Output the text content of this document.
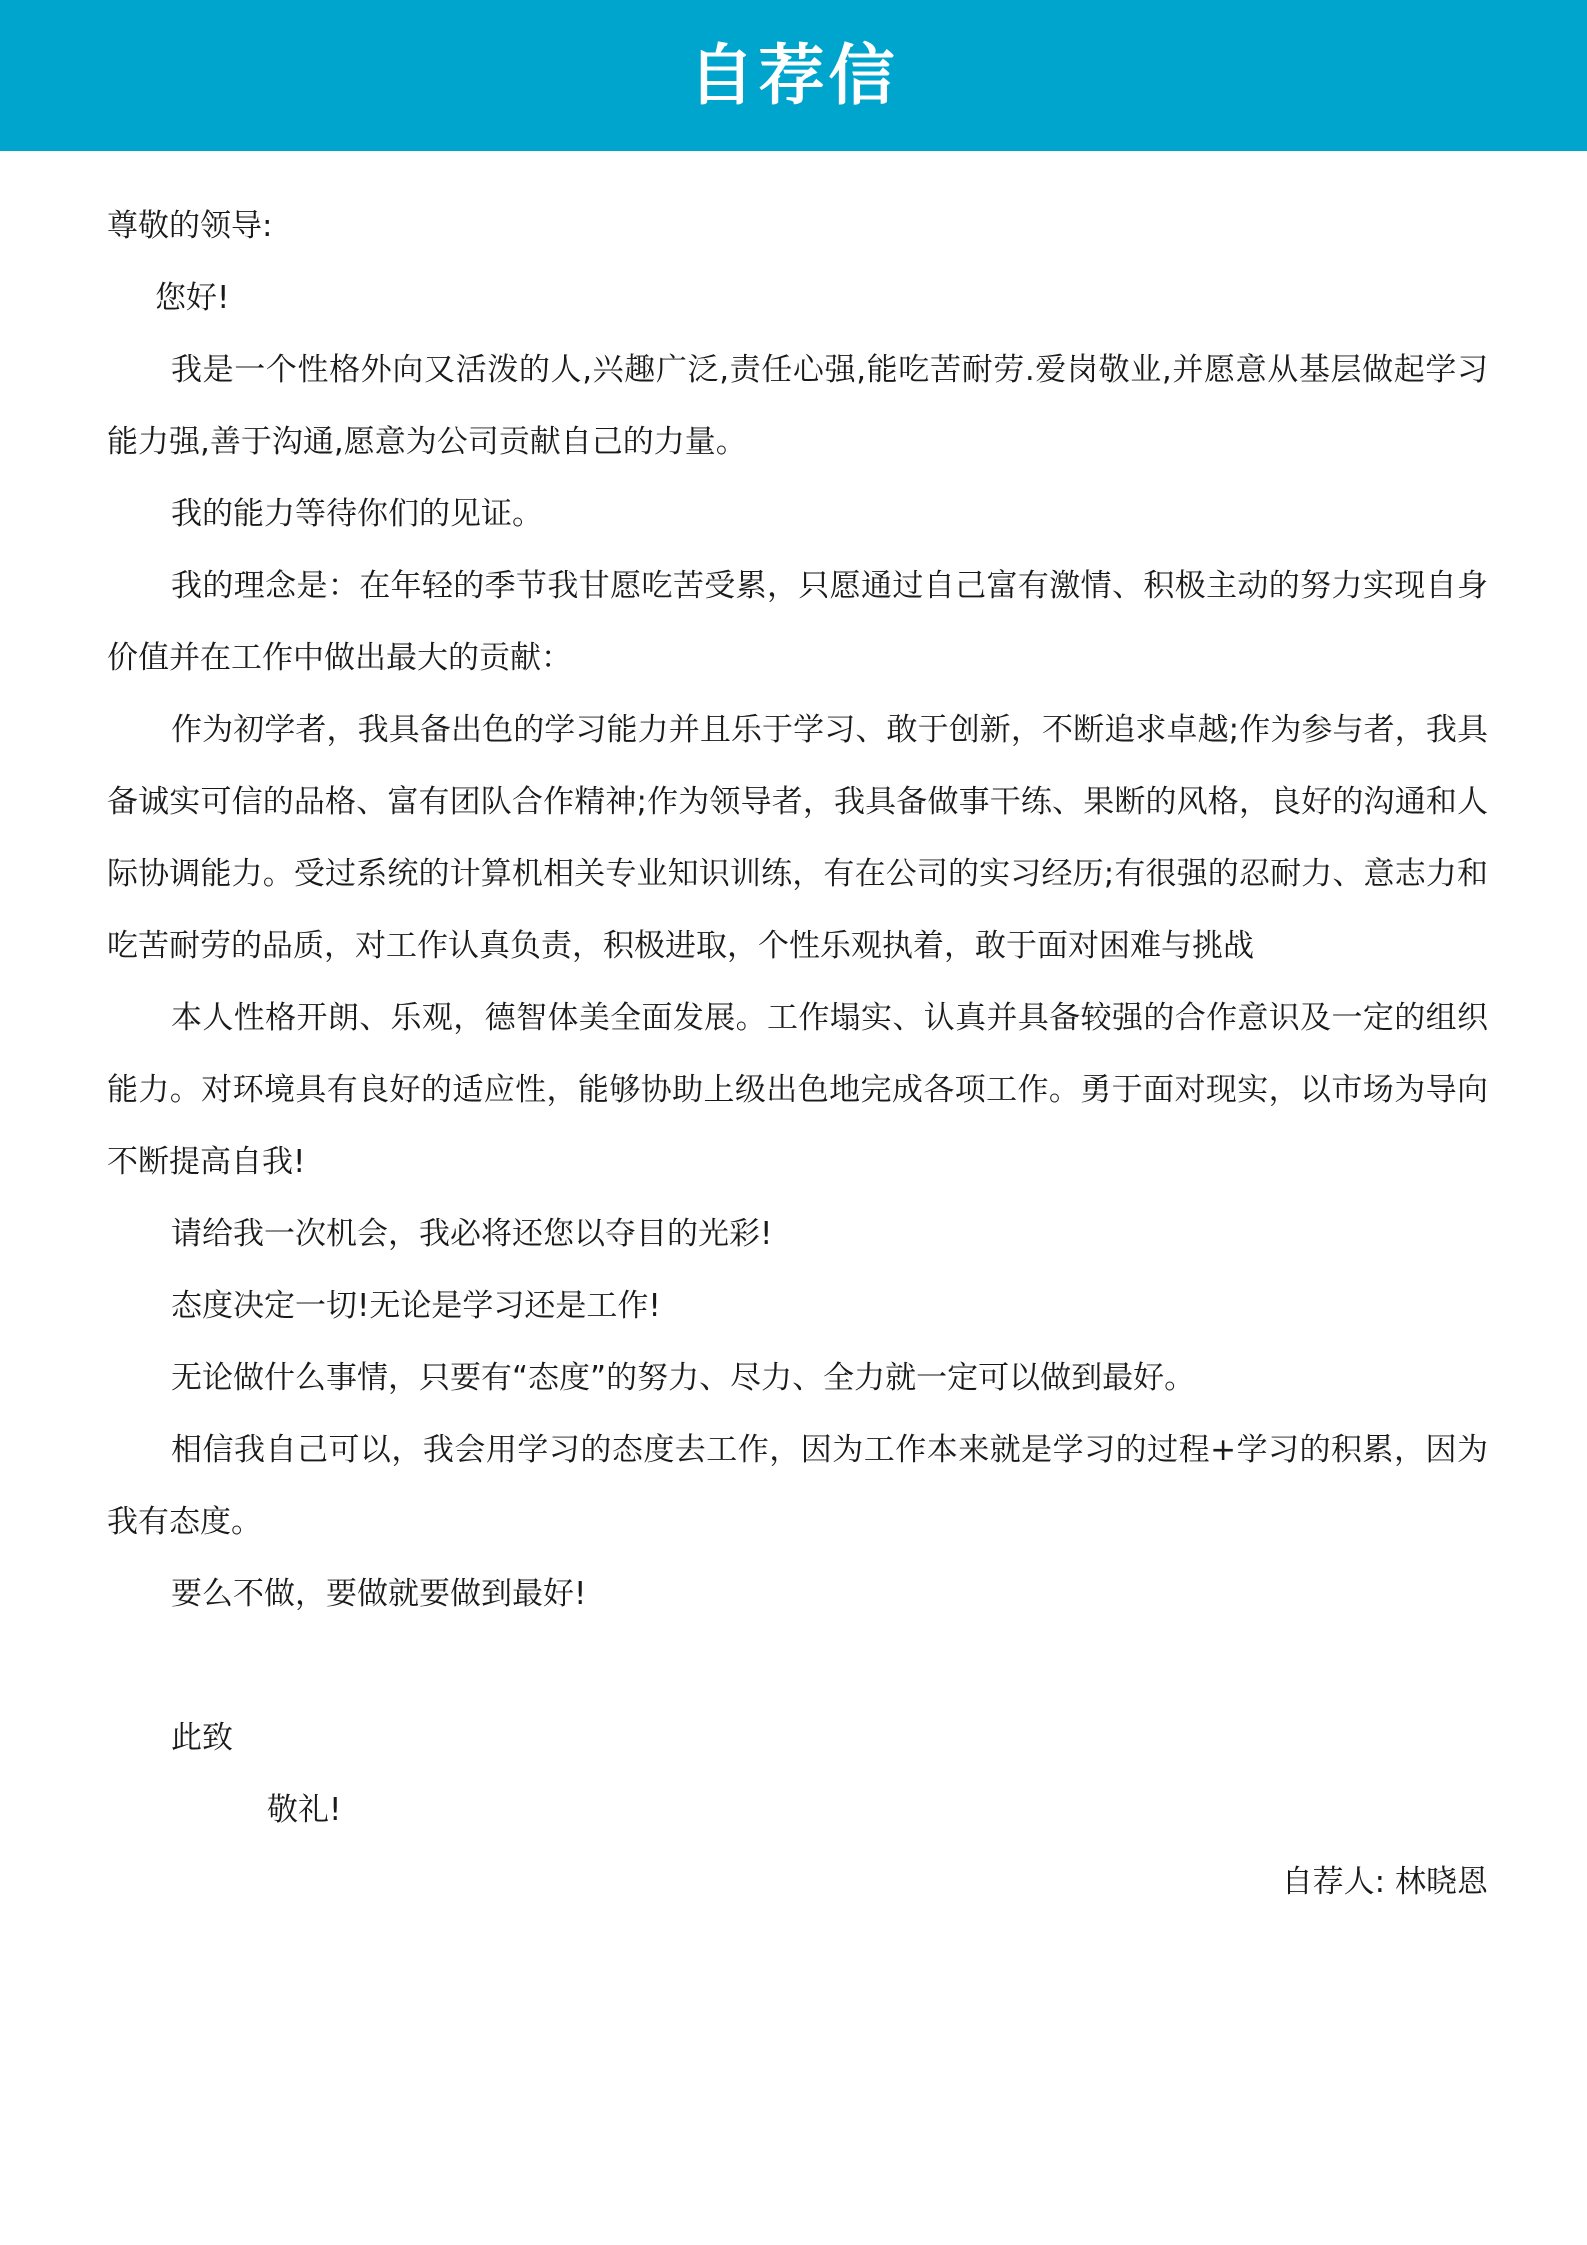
自荐信

尊敬的领导:

您好!

我是一个性格外向又活泼的人,兴趣广泛,责任心强,能吃苦耐劳.爱岗敬业,并愿意从基层做起学习能力强,善于沟通,愿意为公司贡献自己的力量。

我的能力等待你们的见证。

我的理念是：在年轻的季节我甘愿吃苦受累，只愿通过自己富有激情、积极主动的努力实现自身价值并在工作中做出最大的贡献：

作为初学者，我具备出色的学习能力并且乐于学习、敢于创新，不断追求卓越;作为参与者，我具备诚实可信的品格、富有团队合作精神;作为领导者，我具备做事干练、果断的风格，良好的沟通和人际协调能力。受过系统的计算机相关专业知识训练，有在公司的实习经历;有很强的忍耐力、意志力和吃苦耐劳的品质，对工作认真负责，积极进取，个性乐观执着，敢于面对困难与挑战

本人性格开朗、乐观，德智体美全面发展。工作塌实、认真并具备较强的合作意识及一定的组织能力。对环境具有良好的适应性，能够协助上级出色地完成各项工作。勇于面对现实，以市场为导向不断提高自我!

请给我一次机会，我必将还您以夺目的光彩!

态度决定一切!无论是学习还是工作!

无论做什么事情，只要有“态度”的努力、尽力、全力就一定可以做到最好。

相信我自己可以，我会用学习的态度去工作，因为工作本来就是学习的过程+学习的积累，因为我有态度。

要么不做，要做就要做到最好!

此致

敬礼!

自荐人: 林晓恩
